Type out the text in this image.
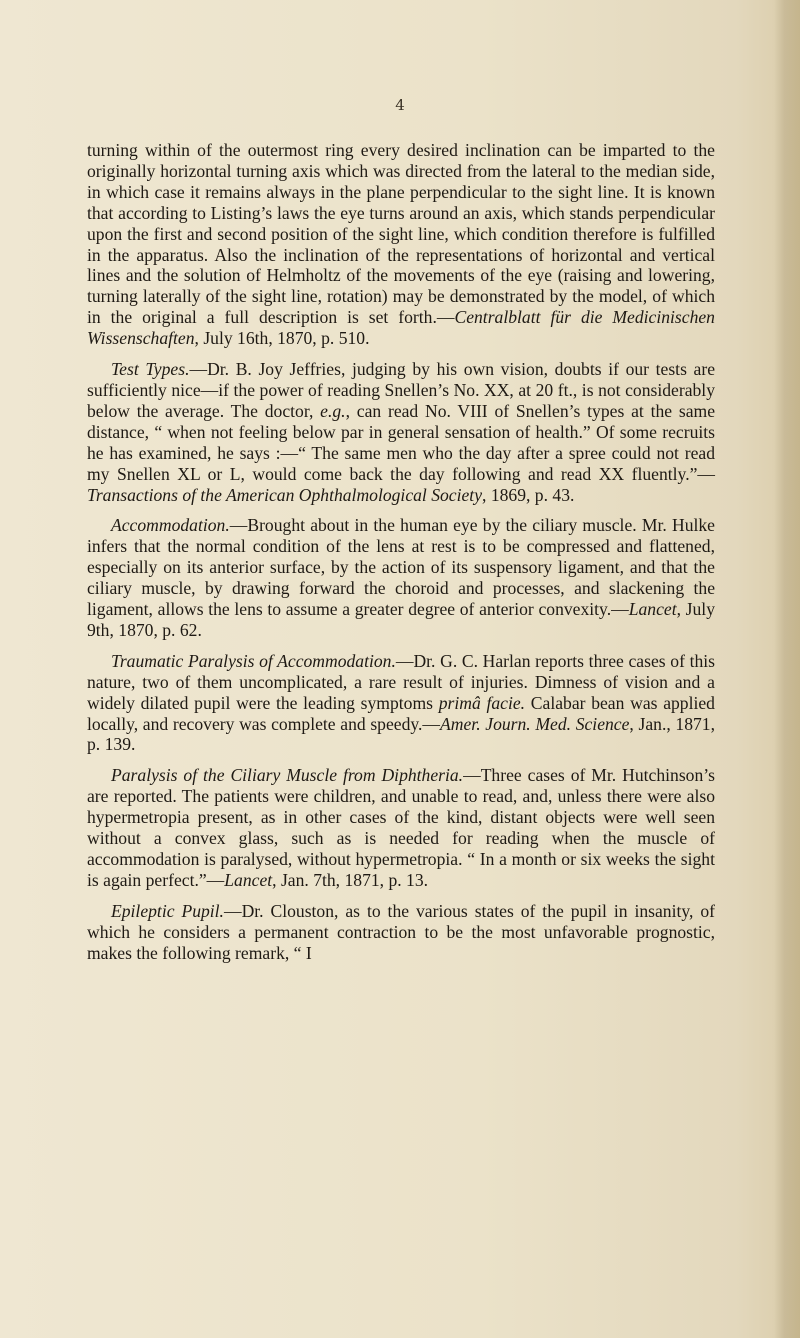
4

turning within of the outermost ring every desired inclination can be imparted to the originally horizontal turning axis which was directed from the lateral to the median side, in which case it remains always in the plane perpendicular to the sight line. It is known that according to Listing’s laws the eye turns around an axis, which stands perpendicular upon the first and second position of the sight line, which condition therefore is fulfilled in the apparatus. Also the inclination of the representations of horizontal and vertical lines and the solution of Helmholtz of the movements of the eye (raising and lowering, turning laterally of the sight line, rotation) may be demonstrated by the model, of which in the original a full description is set forth.—Centralblatt für die Medicinischen Wissenschaften, July 16th, 1870, p. 510.

Test Types.—Dr. B. Joy Jeffries, judging by his own vision, doubts if our tests are sufficiently nice—if the power of reading Snellen’s No. XX, at 20 ft., is not considerably below the average. The doctor, e.g., can read No. VIII of Snellen’s types at the same distance, “ when not feeling below par in general sensation of health.” Of some recruits he has examined, he says :—“ The same men who the day after a spree could not read my Snellen XL or L, would come back the day following and read XX fluently.”—Transactions of the American Ophthalmological Society, 1869, p. 43.

Accommodation.—Brought about in the human eye by the ciliary muscle. Mr. Hulke infers that the normal condition of the lens at rest is to be compressed and flattened, especially on its anterior surface, by the action of its suspensory ligament, and that the ciliary muscle, by drawing forward the choroid and processes, and slackening the ligament, allows the lens to assume a greater degree of anterior convexity.—Lancet, July 9th, 1870, p. 62.

Traumatic Paralysis of Accommodation.—Dr. G. C. Harlan reports three cases of this nature, two of them uncomplicated, a rare result of injuries. Dimness of vision and a widely dilated pupil were the leading symptoms primâ facie. Calabar bean was applied locally, and recovery was complete and speedy.—Amer. Journ. Med. Science, Jan., 1871, p. 139.

Paralysis of the Ciliary Muscle from Diphtheria.—Three cases of Mr. Hutchinson’s are reported. The patients were children, and unable to read, and, unless there were also hypermetropia present, as in other cases of the kind, distant objects were well seen without a convex glass, such as is needed for reading when the muscle of accommodation is paralysed, without hypermetropia. “ In a month or six weeks the sight is again perfect.”—Lancet, Jan. 7th, 1871, p. 13.

Epileptic Pupil.—Dr. Clouston, as to the various states of the pupil in insanity, of which he considers a permanent contraction to be the most unfavorable prognostic, makes the following remark, “ I
